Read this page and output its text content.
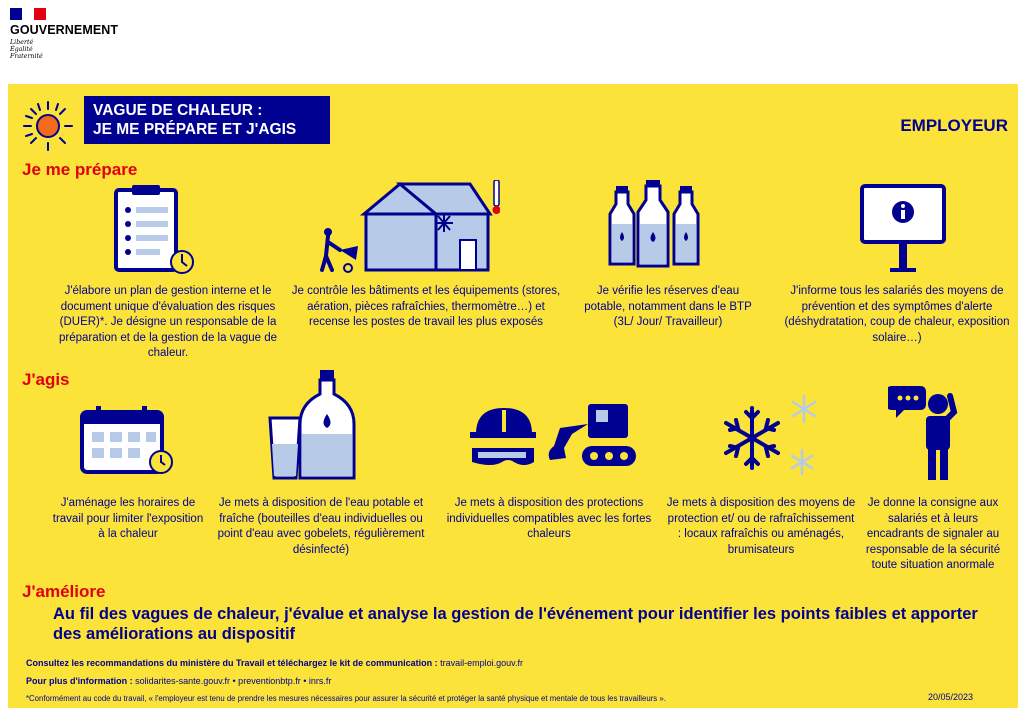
GOUVERNEMENT
Liberté
Égalité
Fraternité
VAGUE DE CHALEUR :
JE ME PRÉPARE ET J'AGIS	EMPLOYEUR
Je me prépare
J'élabore un plan de gestion interne et le document unique d'évaluation des risques (DUER)*. Je désigne un responsable de la préparation et de la gestion de la vague de chaleur.
Je contrôle les bâtiments et les équipements (stores, aération, pièces rafraîchies, thermomètre…) et recense les postes de travail les plus exposés
Je vérifie les réserves d'eau potable, notamment dans le BTP (3L/ Jour/ Travailleur)
J'informe tous les salariés des moyens de prévention et des symptômes d'alerte (déshydratation, coup de chaleur, exposition solaire…)
J'agis
J'aménage les horaires de travail pour limiter l'exposition à la chaleur
Je mets à disposition de l'eau potable et fraîche (bouteilles d'eau individuelles ou point d'eau avec gobelets, régulièrement désinfecté)
Je mets à disposition des protections individuelles compatibles avec les fortes chaleurs
Je mets à disposition des moyens de protection et/ ou de rafraîchissement : locaux rafraîchis ou aménagés, brumisateurs
Je donne la consigne aux salariés et à leurs encadrants de signaler au responsable de la sécurité toute situation anormale
J'améliore
Au fil des vagues de chaleur, j'évalue et analyse la gestion de l'événement pour identifier les points faibles et apporter des améliorations au dispositif
Consultez les recommandations du ministère du Travail et téléchargez le kit de communication : travail-emploi.gouv.fr
Pour plus d'information : solidarites-sante.gouv.fr • preventionbtp.fr • inrs.fr
*Conformément au code du travail, « l'employeur est tenu de prendre les mesures nécessaires pour assurer la sécurité et protéger la santé physique et mentale de tous les travailleurs ».	20/05/2023
